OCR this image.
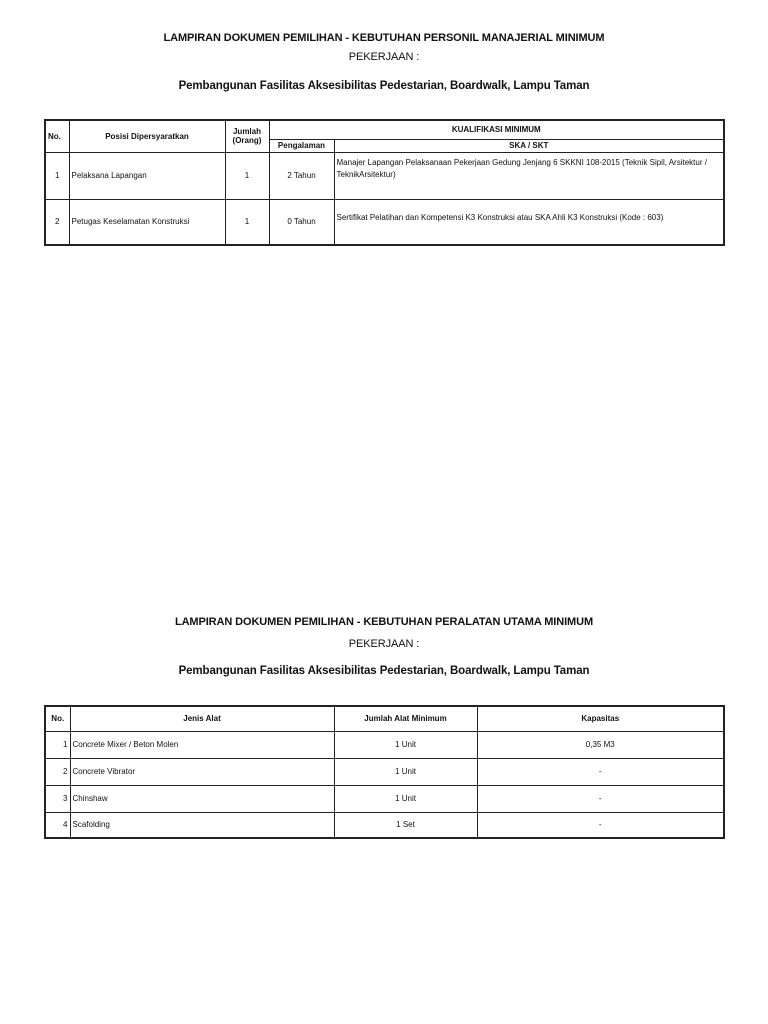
LAMPIRAN DOKUMEN PEMILIHAN - KEBUTUHAN PERSONIL MANAJERIAL MINIMUM
PEKERJAAN :
Pembangunan Fasilitas Aksesibilitas Pedestarian, Boardwalk, Lampu Taman
No.	Posisi Dipersyaratkan	Jumlah (Orang)	KUALIFIKASI MINIMUM	
			Pengalaman	SKA / SKT
1	Pelaksana Lapangan	1	2 Tahun	Manajer Lapangan Pelaksanaan Pekerjaan Gedung Jenjang 6 SKKNI 108-2015 (Teknik Sipil, Arsitektur / TeknikArsitektur)
2	Petugas Keselamatan Konstruksi	1	0 Tahun	Sertifikat Pelatihan dan Kompetensi K3 Konstruksi atau SKA Ahli K3 Konstruksi (Kode : 603)
LAMPIRAN DOKUMEN PEMILIHAN - KEBUTUHAN PERALATAN UTAMA MINIMUM
PEKERJAAN :
Pembangunan Fasilitas Aksesibilitas Pedestarian, Boardwalk, Lampu Taman
No.	Jenis Alat	Jumlah Alat Minimum	Kapasitas
1	Concrete Mixer / Beton Molen	1 Unit	0,35 M3
2	Concrete Vibrator	1 Unit	-
3	Chinshaw	1 Unit	-
4	Scafolding	1 Set	-
